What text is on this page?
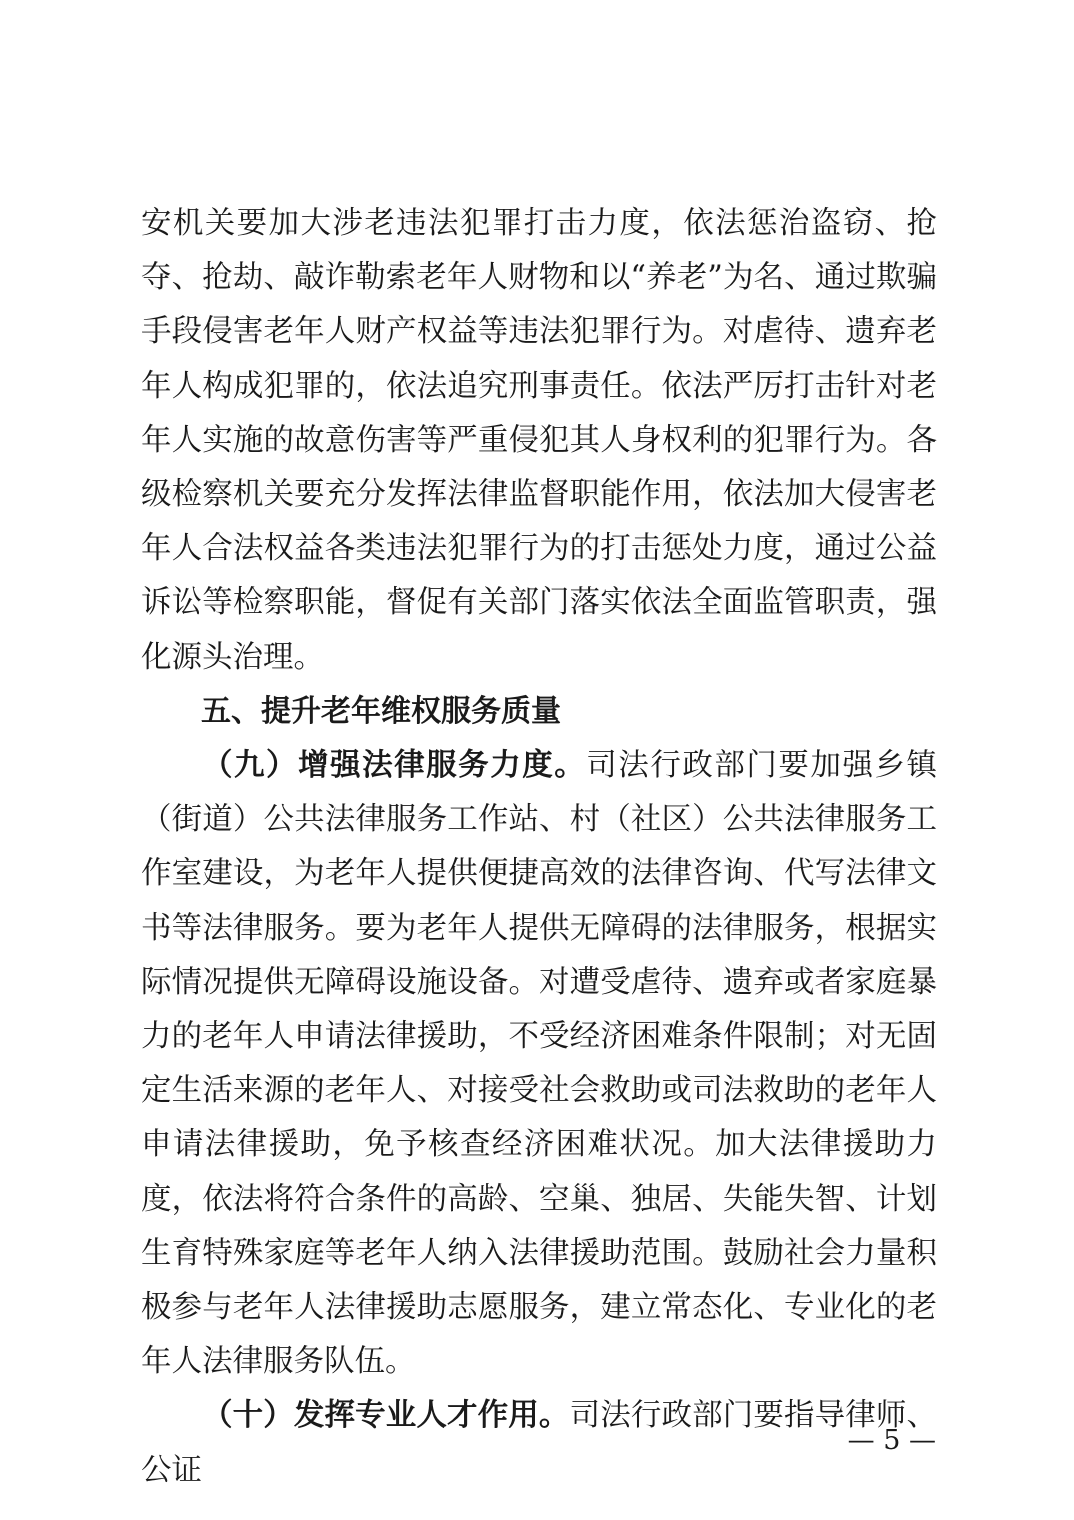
安机关要加大涉老违法犯罪打击力度，依法惩治盗窃、抢夺、抢劫、敲诈勒索老年人财物和以“养老”为名、通过欺骗手段侵害老年人财产权益等违法犯罪行为。对虐待、遗弃老年人构成犯罪的，依法追究刑事责任。依法严厉打击针对老年人实施的故意伤害等严重侵犯其人身权利的犯罪行为。各级检察机关要充分发挥法律监督职能作用，依法加大侵害老年人合法权益各类违法犯罪行为的打击惩处力度，通过公益诉讼等检察职能，督促有关部门落实依法全面监管职责，强化源头治理。

五、提升老年维权服务质量

（九）增强法律服务力度。司法行政部门要加强乡镇（街道）公共法律服务工作站、村（社区）公共法律服务工作室建设，为老年人提供便捷高效的法律咨询、代写法律文书等法律服务。要为老年人提供无障碍的法律服务，根据实际情况提供无障碍设施设备。对遭受虐待、遗弃或者家庭暴力的老年人申请法律援助，不受经济困难条件限制；对无固定生活来源的老年人、对接受社会救助或司法救助的老年人申请法律援助，免予核查经济困难状况。加大法律援助力度，依法将符合条件的高龄、空巢、独居、失能失智、计划生育特殊家庭等老年人纳入法律援助范围。鼓励社会力量积极参与老年人法律援助志愿服务，建立常态化、专业化的老年人法律服务队伍。

（十）发挥专业人才作用。司法行政部门要指导律师、公证

— 5 —
